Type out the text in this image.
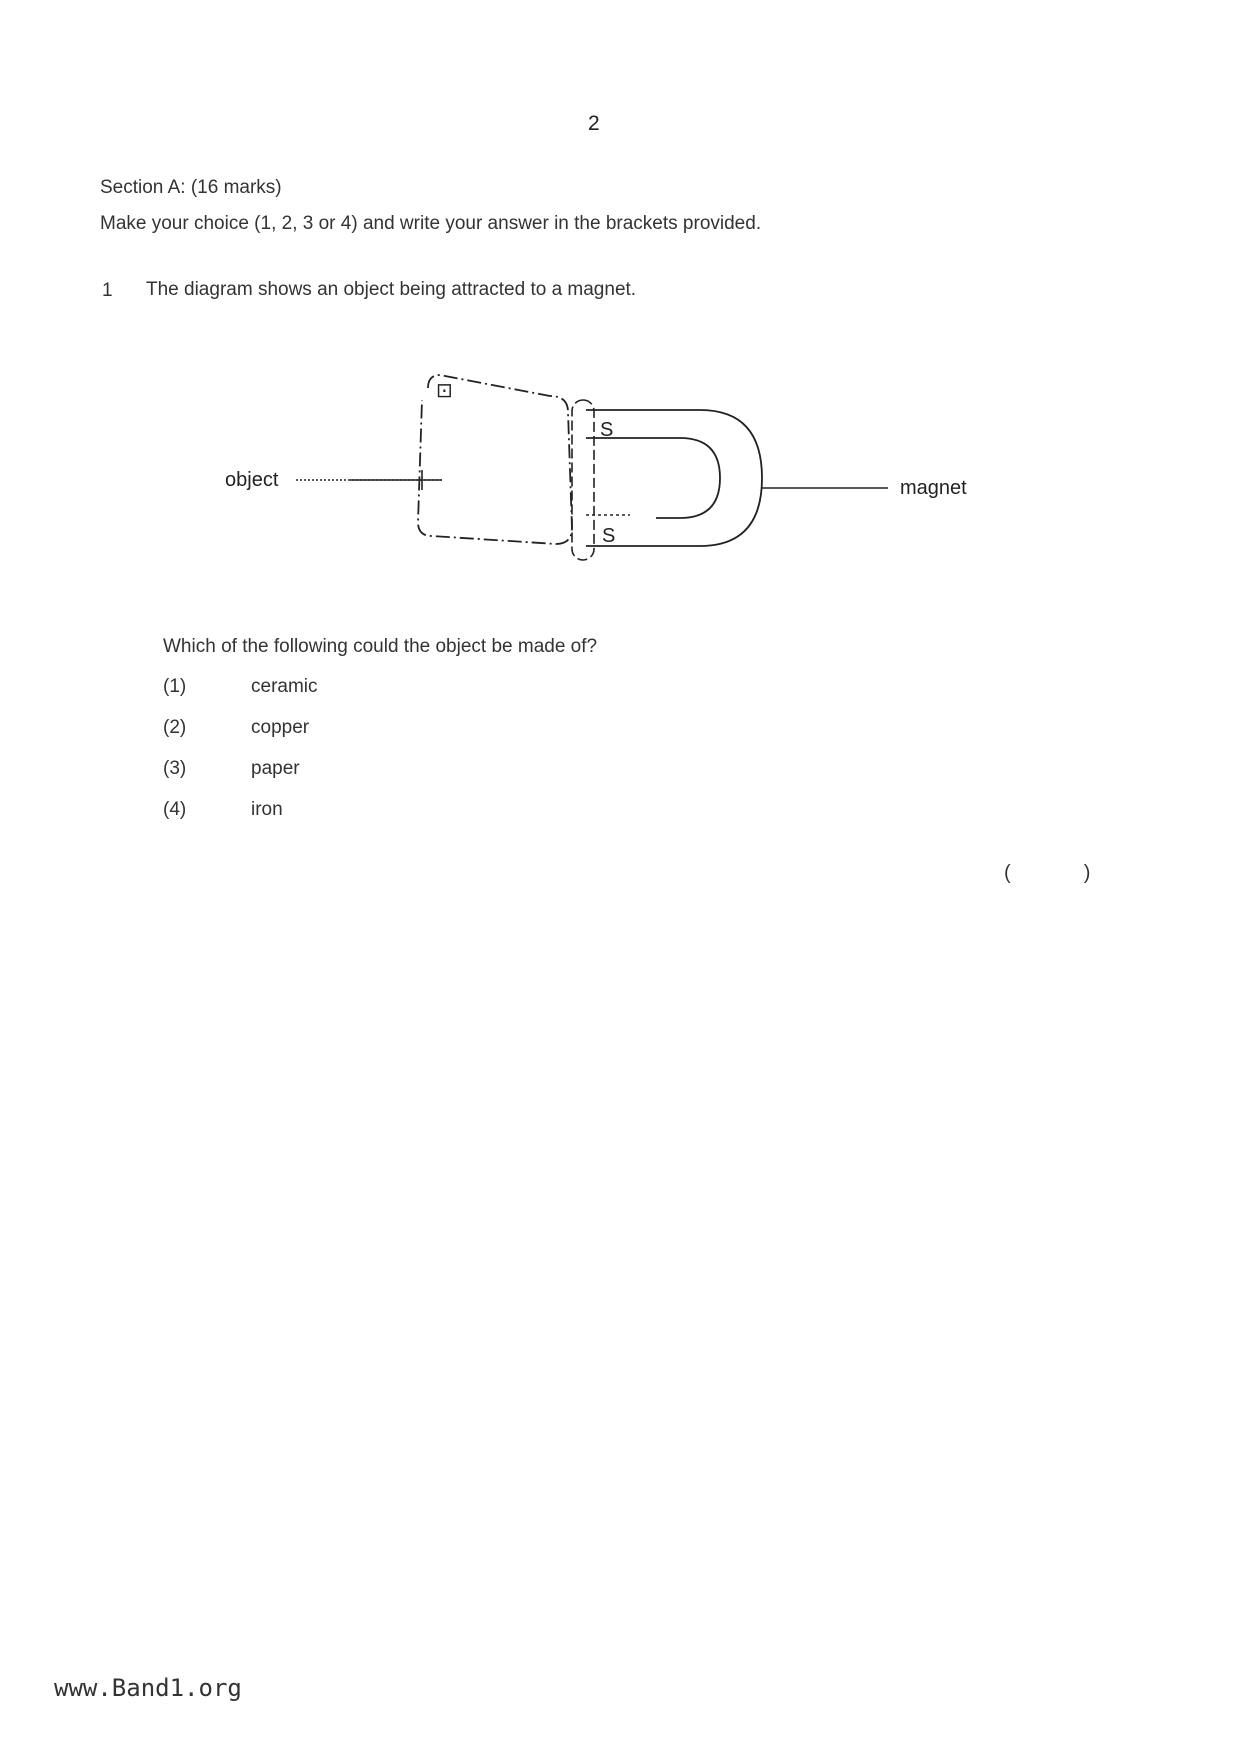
2
Section A: (16 marks)
Make your choice (1, 2, 3 or 4) and write your answer in the brackets provided.
1 The diagram shows an object being attracted to a magnet.
object
⊡
S
S
magnet
Which of the following could the object be made of?
(1)	ceramic
(2)	copper
(3)	paper
(4)	iron
(	)
www.Band1.org
